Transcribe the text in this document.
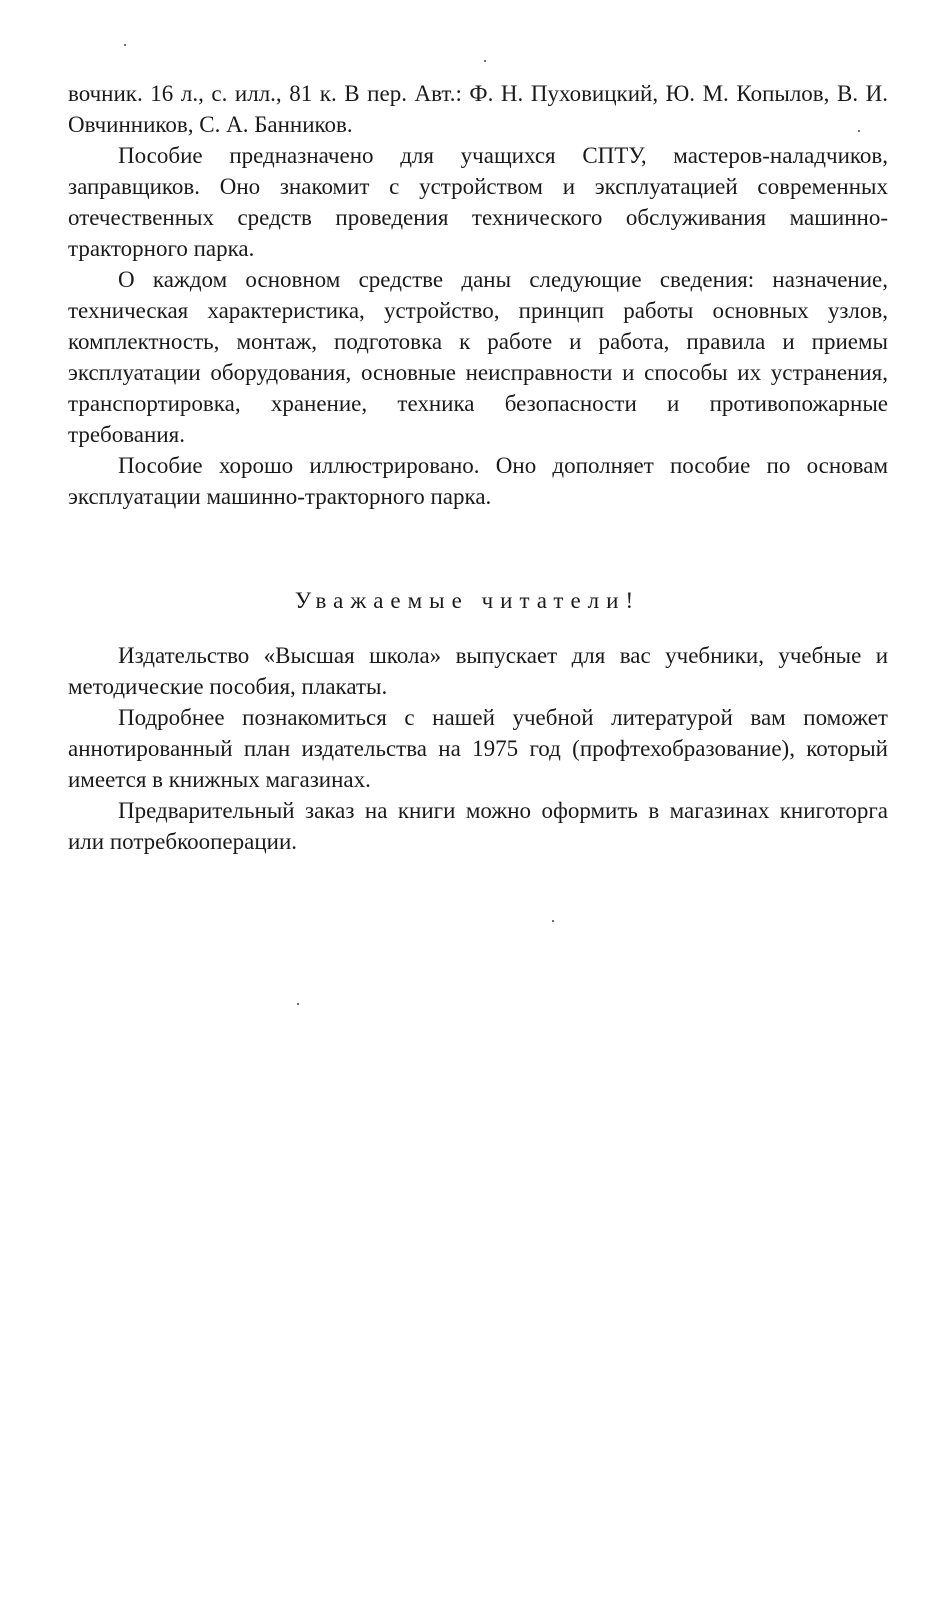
вочник. 16 л., с. илл., 81 к. В пер. Авт.: Ф. Н. Пуховицкий, Ю. М. Копылов, В. И. Овчинников, С. А. Банников.

Пособие предназначено для учащихся СПТУ, мастеров-наладчиков, заправщиков. Оно знакомит с устройством и эксплуатацией современных отечественных средств проведения технического обслуживания машинно-тракторного парка.

О каждом основном средстве даны следующие сведения: назначение, техническая характеристика, устройство, принцип работы основных узлов, комплектность, монтаж, подготовка к работе и работа, правила и приемы эксплуатации оборудования, основные неисправности и способы их устранения, транспортировка, хранение, техника безопасности и противопожарные требования.

Пособие хорошо иллюстрировано. Оно дополняет пособие по основам эксплуатации машинно-тракторного парка.

Уважаемые читатели!

Издательство «Высшая школа» выпускает для вас учебники, учебные и методические пособия, плакаты.

Подробнее познакомиться с нашей учебной литературой вам поможет аннотированный план издательства на 1975 год (профтехобразование), который имеется в книжных магазинах.

Предварительный заказ на книги можно оформить в магазинах книготорга или потребкооперации.
